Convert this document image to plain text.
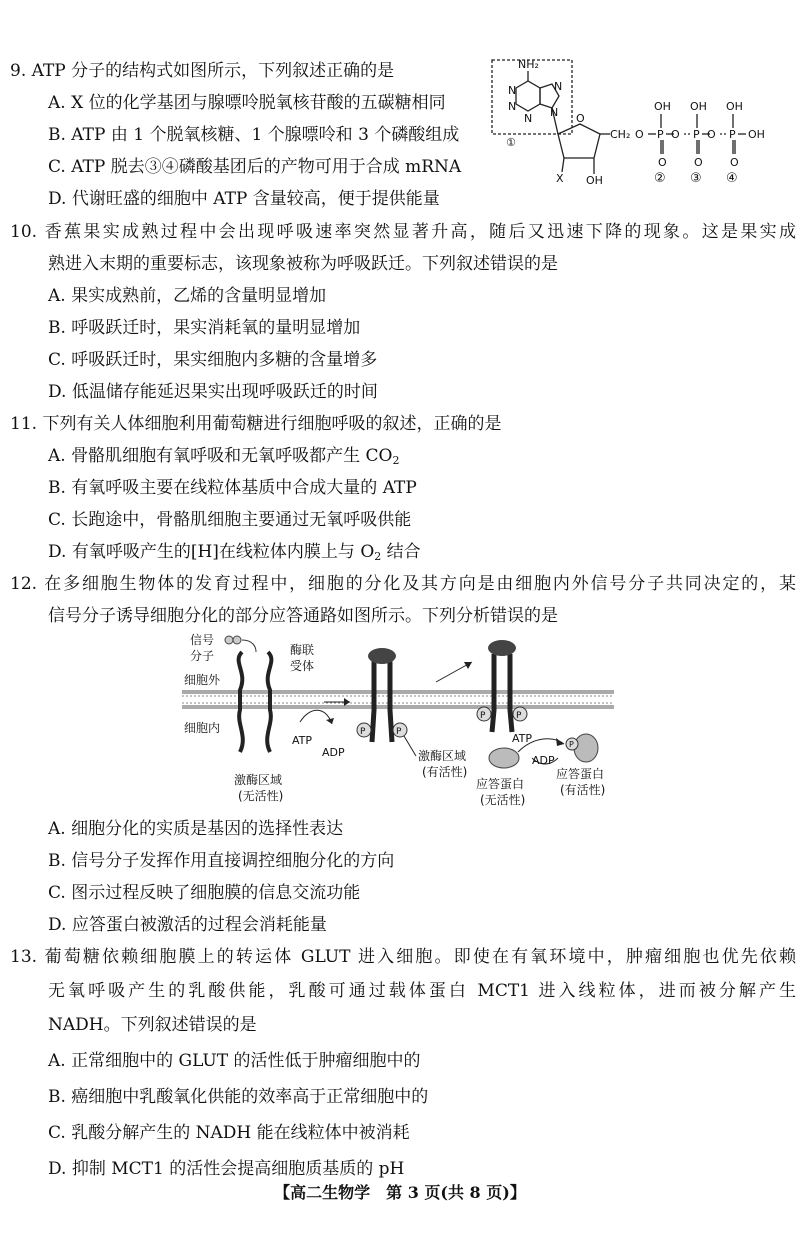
9. ATP 分子的结构式如图所示，下列叙述正确的是
A. X 位的化学基团与腺嘌呤脱氧核苷酸的五碳糖相同
B. ATP 由 1 个脱氧核糖、1 个腺嘌呤和 3 个磷酸组成
C. ATP 脱去③④磷酸基团后的产物可用于合成 mRNA
D. 代谢旺盛的细胞中 ATP 含量较高，便于提供能量
NH₂
N
N
N
N
N
①
O
X OH
CH₂ O P O P O P OH
OH OH OH
O O O
② ③ ④
10. 香蕉果实成熟过程中会出现呼吸速率突然显著升高，随后又迅速下降的现象。这是果实成
熟进入末期的重要标志，该现象被称为呼吸跃迁。下列叙述错误的是
A. 果实成熟前，乙烯的含量明显增加
B. 呼吸跃迁时，果实消耗氧的量明显增加
C. 呼吸跃迁时，果实细胞内多糖的含量增多
D. 低温储存能延迟果实出现呼吸跃迁的时间
11. 下列有关人体细胞利用葡萄糖进行细胞呼吸的叙述，正确的是
A. 骨骼肌细胞有氧呼吸和无氧呼吸都产生 $CO_2$
B. 有氧呼吸主要在线粒体基质中合成大量的 ATP
C. 长跑途中，骨骼肌细胞主要通过无氧呼吸供能
D. 有氧呼吸产生的[H]在线粒体内膜上与 $O_2$ 结合
12. 在多细胞生物体的发育过程中，细胞的分化及其方向是由细胞内外信号分子共同决定的，某
信号分子诱导细胞分化的部分应答通路如图所示。下列分析错误的是
信号
分子	酶联
受体
细胞外
细胞内
激酶区域
(无活性)
激酶区域
(有活性)
应答蛋白
(无活性)
应答蛋白
(有活性)
ATP
ADP
ATP
ADP
P	P
P	P
P
A. 细胞分化的实质是基因的选择性表达
B. 信号分子发挥作用直接调控细胞分化的方向
C. 图示过程反映了细胞膜的信息交流功能
D. 应答蛋白被激活的过程会消耗能量
13. 葡萄糖依赖细胞膜上的转运体 GLUT 进入细胞。即使在有氧环境中，肿瘤细胞也优先依赖
无氧呼吸产生的乳酸供能，乳酸可通过载体蛋白 MCT1 进入线粒体，进而被分解产生
NADH。下列叙述错误的是
A. 正常细胞中的 GLUT 的活性低于肿瘤细胞中的
B. 癌细胞中乳酸氧化供能的效率高于正常细胞中的
C. 乳酸分解产生的 NADH 能在线粒体中被消耗
D. 抑制 MCT1 的活性会提高细胞质基质的 pH
【高二生物学　第 3 页(共 8 页)】
